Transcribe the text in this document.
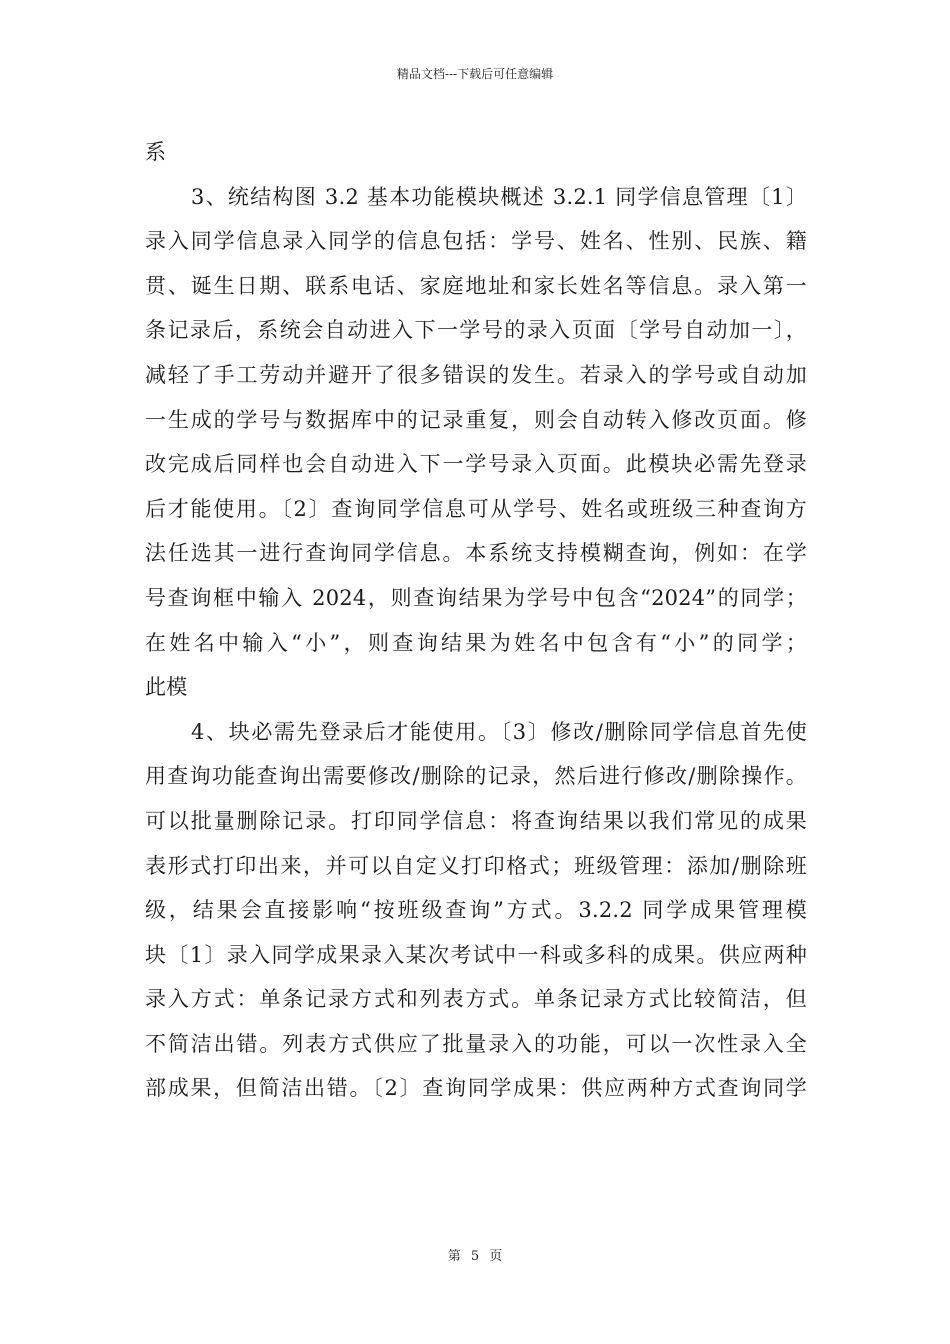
精品文档---下载后可任意编辑
系
3、统结构图 3.2 基本功能模块概述 3.2.1 同学信息管理〔1〕
录入同学信息录入同学的信息包括：学号、姓名、性别、民族、籍
贯、诞生日期、联系电话、家庭地址和家长姓名等信息。录入第一
条记录后，系统会自动进入下一学号的录入页面〔学号自动加一〕，
减轻了手工劳动并避开了很多错误的发生。若录入的学号或自动加
一生成的学号与数据库中的记录重复，则会自动转入修改页面。修
改完成后同样也会自动进入下一学号录入页面。此模块必需先登录
后才能使用。〔2〕查询同学信息可从学号、姓名或班级三种查询方
法任选其一进行查询同学信息。本系统支持模糊查询，例如：在学
号查询框中输入 2024，则查询结果为学号中包含“2024”的同学；
在姓名中输入“小”，则查询结果为姓名中包含有“小”的同学；
此模
4、块必需先登录后才能使用。〔3〕修改/删除同学信息首先使
用查询功能查询出需要修改/删除的记录，然后进行修改/删除操作。
可以批量删除记录。打印同学信息：将查询结果以我们常见的成果
表形式打印出来，并可以自定义打印格式；班级管理：添加/删除班
级，结果会直接影响“按班级查询”方式。3.2.2 同学成果管理模
块〔1〕录入同学成果录入某次考试中一科或多科的成果。供应两种
录入方式：单条记录方式和列表方式。单条记录方式比较简洁，但
不简洁出错。列表方式供应了批量录入的功能，可以一次性录入全
部成果，但简洁出错。〔2〕查询同学成果：供应两种方式查询同学
第 5 页
